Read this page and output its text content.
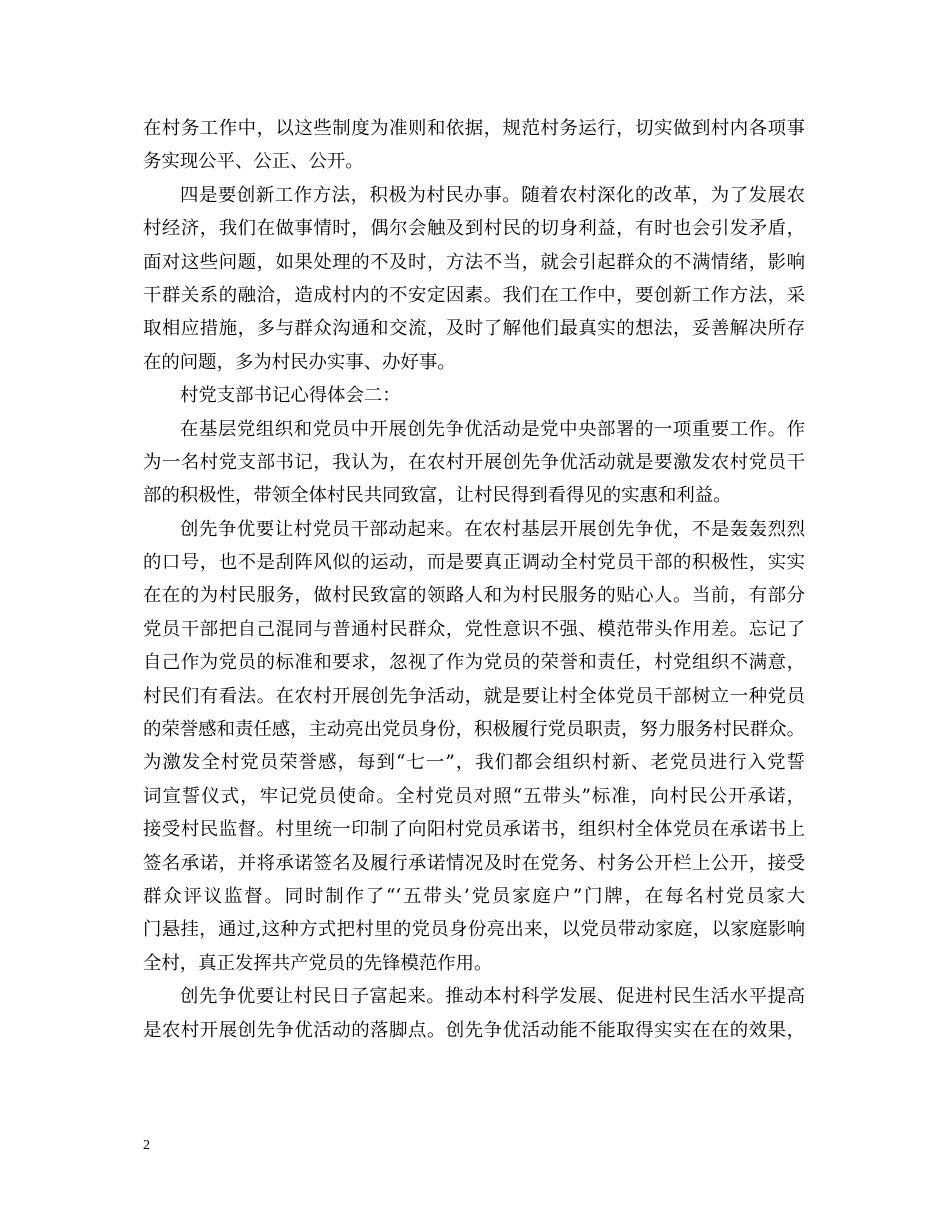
在村务工作中，以这些制度为准则和依据，规范村务运行，切实做到村内各项事
务实现公平、公正、公开。
四是要创新工作方法，积极为村民办事。随着农村深化的改革，为了发展农
村经济，我们在做事情时，偶尔会触及到村民的切身利益，有时也会引发矛盾，
面对这些问题，如果处理的不及时，方法不当，就会引起群众的不满情绪，影响
干群关系的融洽，造成村内的不安定因素。我们在工作中，要创新工作方法，采
取相应措施，多与群众沟通和交流，及时了解他们最真实的想法，妥善解决所存
在的问题，多为村民办实事、办好事。
村党支部书记心得体会二：
在基层党组织和党员中开展创先争优活动是党中央部署的一项重要工作。作
为一名村党支部书记，我认为，在农村开展创先争优活动就是要激发农村党员干
部的积极性，带领全体村民共同致富，让村民得到看得见的实惠和利益。
创先争优要让村党员干部动起来。在农村基层开展创先争优，不是轰轰烈烈
的口号，也不是刮阵风似的运动，而是要真正调动全村党员干部的积极性，实实
在在的为村民服务，做村民致富的领路人和为村民服务的贴心人。当前，有部分
党员干部把自己混同与普通村民群众，党性意识不强、模范带头作用差。忘记了
自己作为党员的标准和要求，忽视了作为党员的荣誉和责任，村党组织不满意，
村民们有看法。在农村开展创先争活动，就是要让村全体党员干部树立一种党员
的荣誉感和责任感，主动亮出党员身份，积极履行党员职责，努力服务村民群众。
为激发全村党员荣誉感，每到“七一”，我们都会组织村新、老党员进行入党誓
词宣誓仪式，牢记党员使命。全村党员对照“五带头”标准，向村民公开承诺，
接受村民监督。村里统一印制了向阳村党员承诺书，组织村全体党员在承诺书上
签名承诺，并将承诺签名及履行承诺情况及时在党务、村务公开栏上公开，接受
群众评议监督。同时制作了“‘五带头’党员家庭户”门牌，在每名村党员家大
门悬挂，通过,这种方式把村里的党员身份亮出来，以党员带动家庭，以家庭影响
全村，真正发挥共产党员的先锋模范作用。
创先争优要让村民日子富起来。推动本村科学发展、促进村民生活水平提高
是农村开展创先争优活动的落脚点。创先争优活动能不能取得实实在在的效果，
2
